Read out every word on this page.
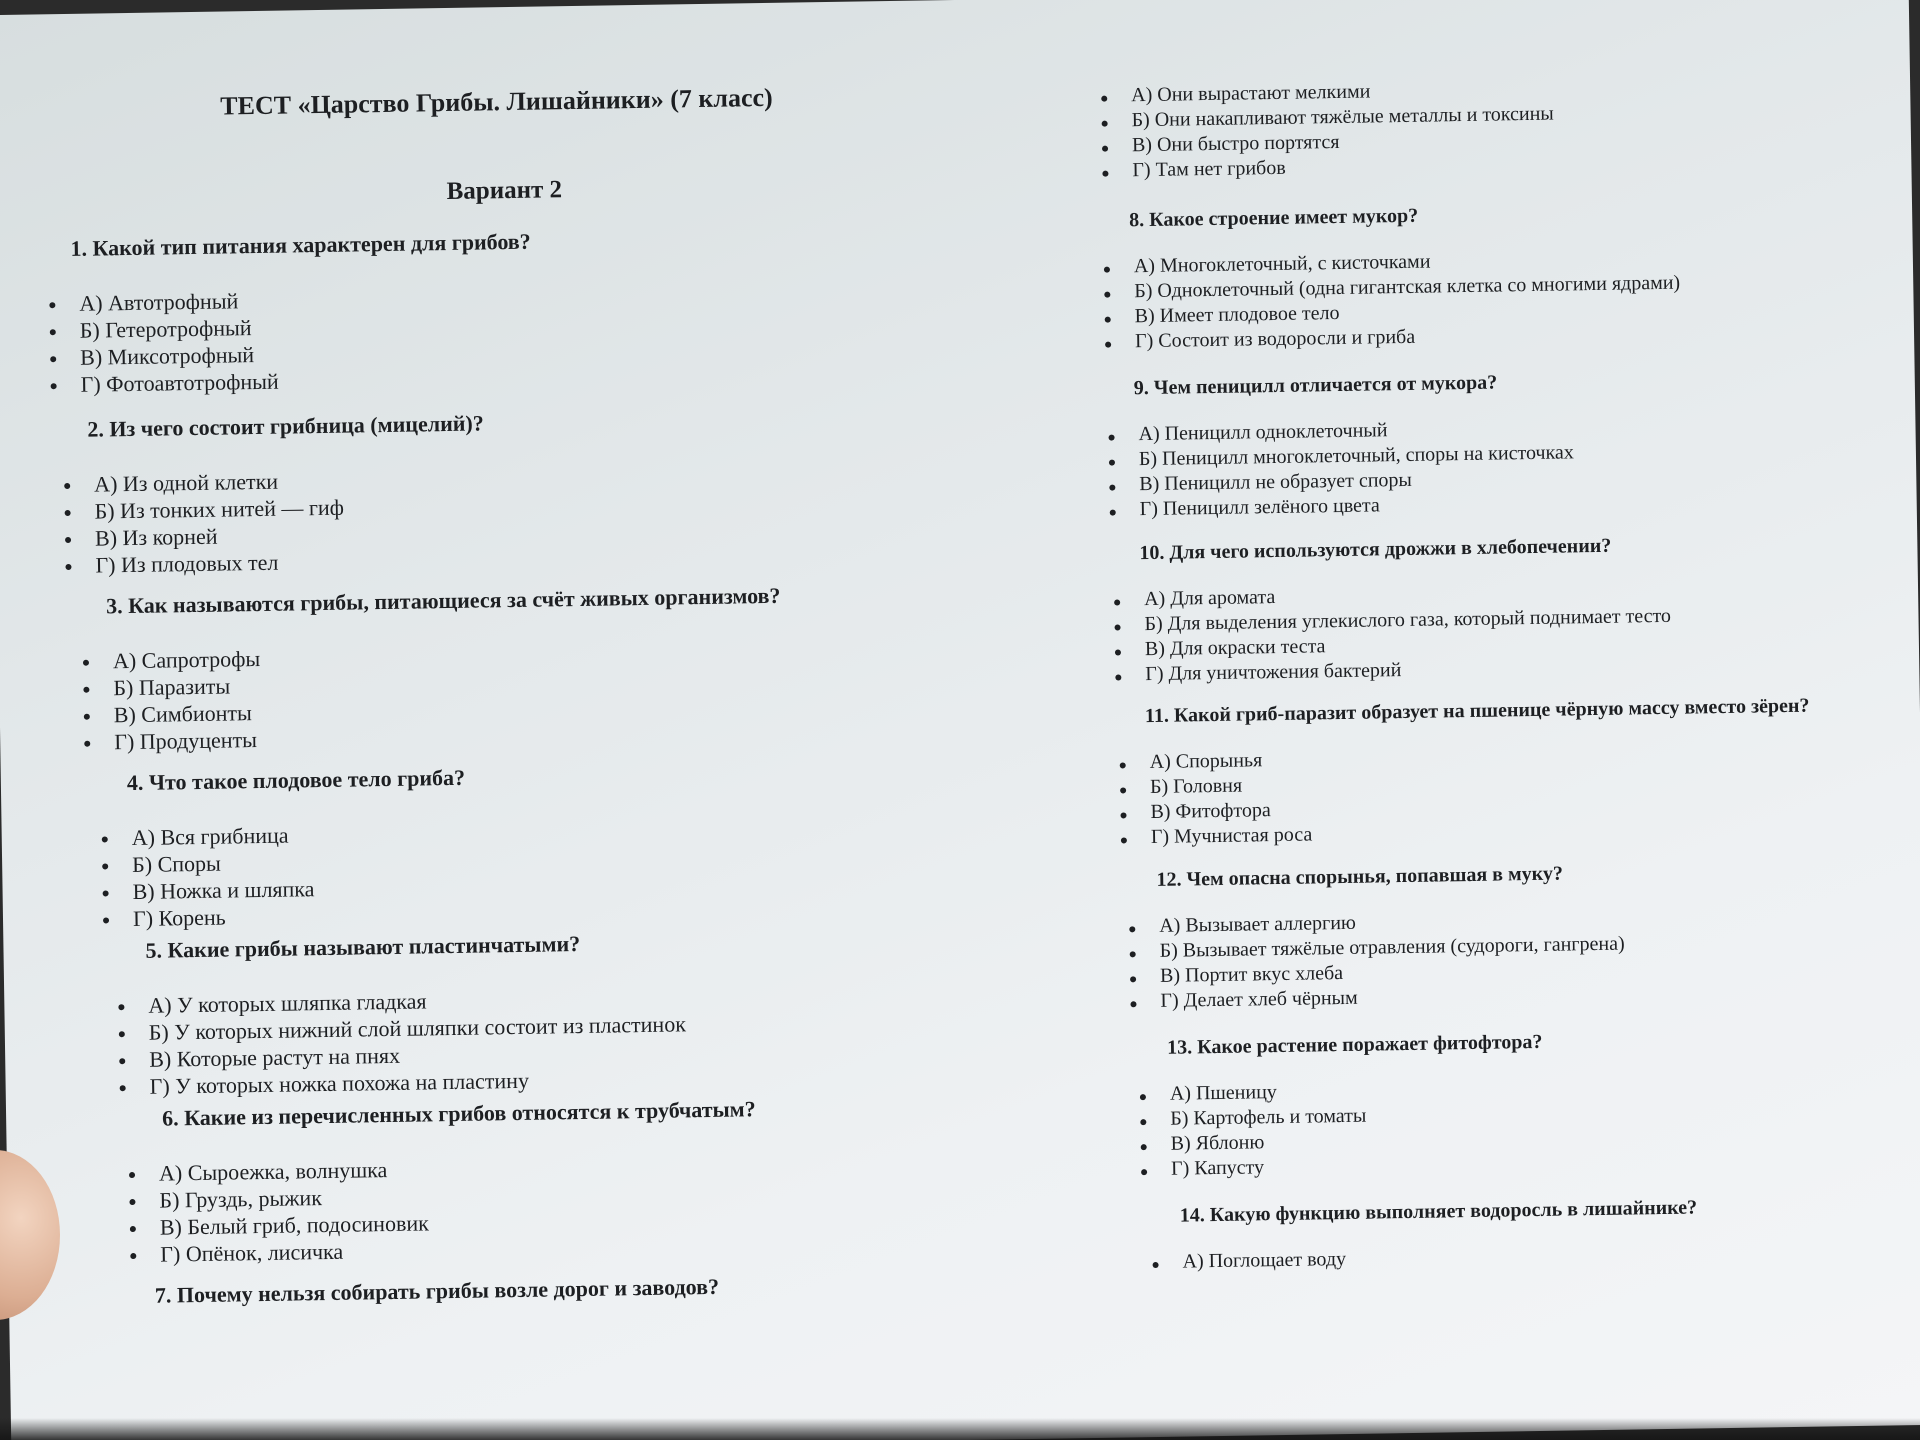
ТЕСТ «Царство Грибы. Лишайники» (7 класс)
Вариант 2
1. Какой тип питания характерен для грибов?
А) Автотрофный
Б) Гетеротрофный
В) Миксотрофный
Г) Фотоавтотрофный
2. Из чего состоит грибница (мицелий)?
А) Из одной клетки
Б) Из тонких нитей — гиф
В) Из корней
Г) Из плодовых тел
3. Как называются грибы, питающиеся за счёт живых организмов?
А) Сапротрофы
Б) Паразиты
В) Симбионты
Г) Продуценты
4. Что такое плодовое тело гриба?
А) Вся грибница
Б) Споры
В) Ножка и шляпка
Г) Корень
5. Какие грибы называют пластинчатыми?
А) У которых шляпка гладкая
Б) У которых нижний слой шляпки состоит из пластинок
В) Которые растут на пнях
Г) У которых ножка похожа на пластину
6. Какие из перечисленных грибов относятся к трубчатым?
А) Сыроежка, волнушка
Б) Груздь, рыжик
В) Белый гриб, подосиновик
Г) Опёнок, лисичка
7. Почему нельзя собирать грибы возле дорог и заводов?
А) Они вырастают мелкими
Б) Они накапливают тяжёлые металлы и токсины
В) Они быстро портятся
Г) Там нет грибов
8. Какое строение имеет мукор?
А) Многоклеточный, с кисточками
Б) Одноклеточный (одна гигантская клетка со многими ядрами)
В) Имеет плодовое тело
Г) Состоит из водоросли и гриба
9. Чем пеницилл отличается от мукора?
А) Пеницилл одноклеточный
Б) Пеницилл многоклеточный, споры на кисточках
В) Пеницилл не образует споры
Г) Пеницилл зелёного цвета
10. Для чего используются дрожжи в хлебопечении?
А) Для аромата
Б) Для выделения углекислого газа, который поднимает тесто
В) Для окраски теста
Г) Для уничтожения бактерий
11. Какой гриб-паразит образует на пшенице чёрную массу вместо зёрен?
А) Спорынья
Б) Головня
В) Фитофтора
Г) Мучнистая роса
12. Чем опасна спорынья, попавшая в муку?
А) Вызывает аллергию
Б) Вызывает тяжёлые отравления (судороги, гангрена)
В) Портит вкус хлеба
Г) Делает хлеб чёрным
13. Какое растение поражает фитофтора?
А) Пшеницу
Б) Картофель и томаты
В) Яблоню
Г) Капусту
14. Какую функцию выполняет водоросль в лишайнике?
А) Поглощает воду
